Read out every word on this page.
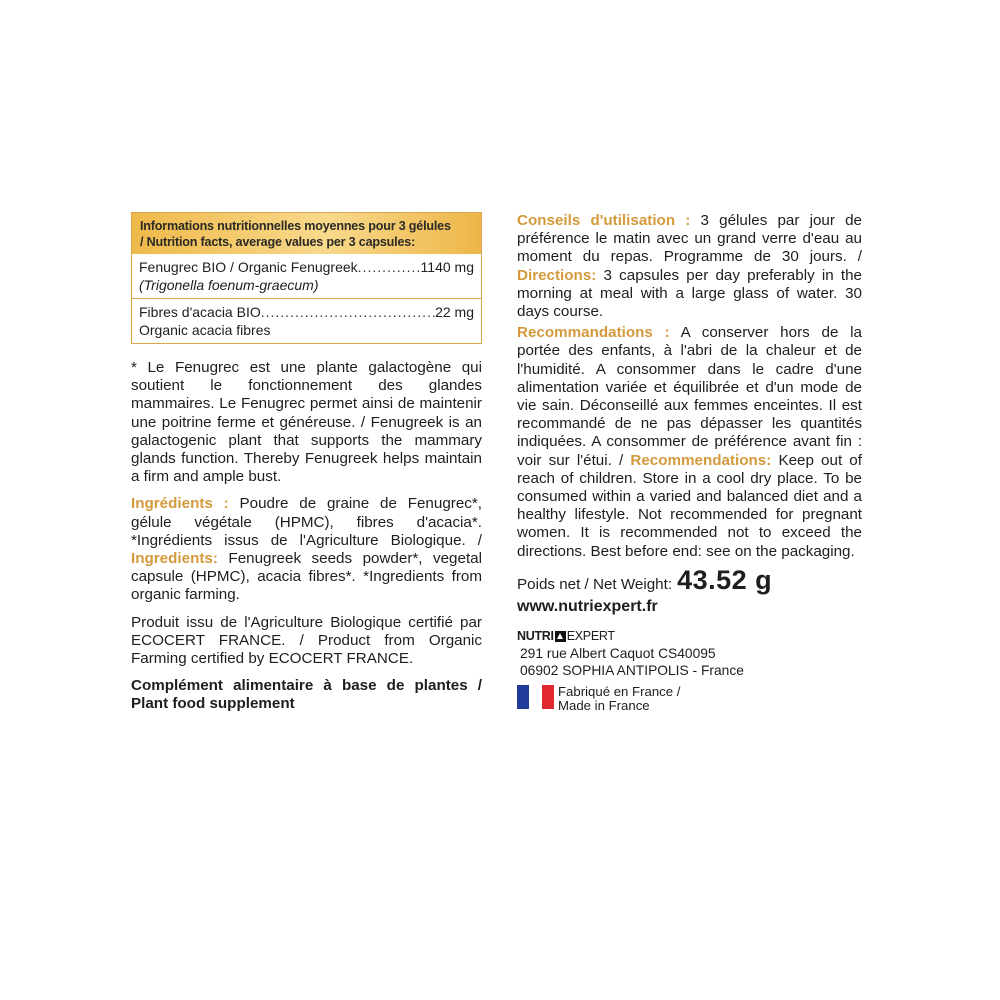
Informations nutritionnelles moyennes pour 3 gélules
/ Nutrition facts, average values per 3 capsules:
Fenugrec BIO / Organic Fenugreek .....	1140 mg
(Trigonella foenum-graecum)
Fibres d'acacia BIO .....	22 mg
Organic acacia fibres

* Le Fenugrec est une plante galactogène qui soutient le fonctionnement des glandes mammaires. Le Fenugrec permet ainsi de maintenir une poitrine ferme et généreuse. / Fenugreek is an galactogenic plant that supports the mammary glands function. Thereby Fenugreek helps maintain a firm and ample bust.

Ingrédients : Poudre de graine de Fenugrec*, gélule végétale (HPMC), fibres d'acacia*. *Ingrédients issus de l'Agriculture Biologique. / Ingredients: Fenugreek seeds powder*, vegetal capsule (HPMC), acacia fibres*. *Ingredients from organic farming.

Produit issu de l'Agriculture Biologique certifié par ECOCERT FRANCE. / Product from Organic Farming certified by ECOCERT FRANCE.

Complément alimentaire à base de plantes / Plant food supplement

Conseils d'utilisation : 3 gélules par jour de préférence le matin avec un grand verre d'eau au moment du repas. Programme de 30 jours. / Directions: 3 capsules per day preferably in the morning at meal with a large glass of water. 30 days course.

Recommandations : A conserver hors de la portée des enfants, à l'abri de la chaleur et de l'humidité. A consommer dans le cadre d'une alimentation variée et équilibrée et d'un mode de vie sain. Déconseillé aux femmes enceintes. Il est recommandé de ne pas dépasser les quantités indiquées. A consommer de préférence avant fin : voir sur l'étui. / Recommendations: Keep out of reach of children. Store in a cool dry place. To be consumed within a varied and balanced diet and a healthy lifestyle. Not recommended for pregnant women. It is recommended not to exceed the directions. Best before end: see on the packaging.

Poids net / Net Weight: 43.52 g
www.nutriexpert.fr
NUTRI EXPERT
291 rue Albert Caquot CS40095
06902 SOPHIA ANTIPOLIS - France
Fabriqué en France /
Made in France
